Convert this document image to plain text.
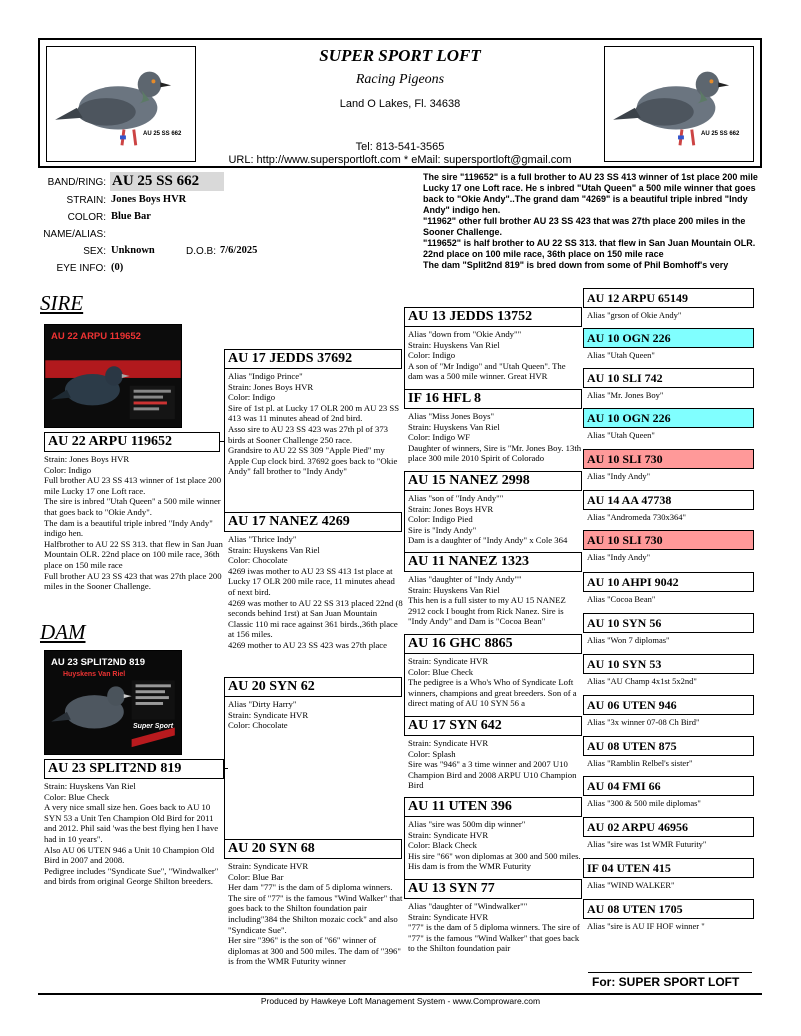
AU 25 SS 662	AU 25 SS 662
SUPER SPORT LOFT
Racing Pigeons
Land O Lakes, Fl. 34638
Tel: 813-541-3565
URL: http://www.supersportloft.com * eMail: supersportloft@gmail.com
BAND/RING: AU 25 SS 662
STRAIN: Jones Boys HVR
COLOR: Blue Bar
NAME/ALIAS:
SEX: Unknown	D.O.B: 7/6/2025
EYE INFO: (0)
The sire "119652" is a full brother to AU 23 SS 413 winner of 1st place 200 mile Lucky 17 one Loft race. He s inbred "Utah Queen" a 500 mile winner that goes back to "Okie Andy"..The grand dam "4269" is a beautiful triple inbred "Indy Andy" indigo hen.
"11962" other full brother AU 23 SS 423 that was 27th place 200 miles in the Sooner Challenge.
"119652" is half brother to AU 22 SS 313. that flew in San Juan Mountain OLR. 22nd place on 100 mile race, 36th place on 150 mile race
The dam "Split2nd 819" is bred down from some of Phil Bomhoff's very
SIRE
AU 22 ARPU 119652
AU 22 ARPU 119652
Strain: Jones Boys HVR
Color: Indigo
Full brother AU 23 SS 413 winner of 1st place 200 mile Lucky 17 one Loft race.
The sire is inbred "Utah Queen" a 500 mile winner that goes back to "Okie Andy".
The dam is a beautiful triple inbred "Indy Andy" indigo hen.
Halfbrother to AU 22 SS 313. that flew in San Juan Mountain OLR. 22nd place on 100 mile race, 36th place on 150 mile race
Full brother AU 23 SS 423 that was 27th place 200 miles in the Sooner Challenge.
DAM
AU 23 SPLIT2ND 819
Huyskens Van Riel
Super Sport
AU 23 SPLIT2ND 819
Strain: Huyskens Van Riel
Color: Blue Check
A very nice small size hen. Goes back to AU 10 SYN 53 a Unit Ten Champion Old Bird for 2011 and 2012. Phil said 'was the best flying hen I have had in 10 years".
Also AU 06 UTEN 946 a Unit 10 Champion Old Bird in 2007 and 2008.
Pedigree includes "Syndicate Sue", "Windwalker" and birds from original George Shilton breeders.
AU 17 JEDDS 37692
Alias "Indigo Prince"
Strain: Jones Boys HVR
Color: Indigo
Sire of 1st pl. at Lucky 17 OLR 200 m AU 23 SS 413 was 11 minutes ahead of 2nd bird.
Asso sire to AU 23 SS 423 was 27th pl of 373 birds at Sooner Challenge 250 race.
Grandsire to AU 22 SS 309 "Apple Pied" my Apple Cup clock bird. 37692 goes back to "Okie Andy" fall brother to "Indy Andy"
AU 17 NANEZ 4269
Alias "Thrice Indy"
Strain: Huyskens Van Riel
Color: Chocolate
4269 iwas mother to AU 23 SS 413 1st place at Lucky 17 OLR 200 mile race, 11 minutes ahead of next bird.
4269 was mother to AU 22 SS 313 placed 22nd (8 seconds behind 1rst) at San Juan Mountain Classic 110 mi race against 361 birds.,36th place at 156 miles.
4269 mother to AU 23 SS 423 was 27th place
AU 20 SYN 62
Alias "Dirty Harry"
Strain: Syndicate HVR
Color: Chocolate
AU 20 SYN 68
Strain: Syndicate HVR
Color: Blue Bar
Her dam "77" is the dam of 5 diploma winners. The sire of "77" is the famous "Wind Walker" that goes back to the Shilton foundation pair including"384 the Shilton mozaic cock" and also "Syndicate Sue".
Her sire "396" is the son of "66" winner of diplomas at 300 and 500 miles. The dam of "396" is from the WMR Futurity winner
AU 13 JEDDS 13752
Alias "down from "Okie Andy""
Strain: Huyskens Van Riel
Color: Indigo
A son of "Mr Indigo" and "Utah Queen". The dam was a 500 mile winner. Great HVR
IF 16 HFL 8
Alias "Miss Jones Boys"
Strain: Huyskens Van Riel
Color: Indigo WF
Daughter of winners, Sire is "Mr. Jones Boy. 13th place 300 mile 2010 Spirit of Colorado
AU 15 NANEZ 2998
Alias "son of "Indy Andy""
Strain: Jones Boys HVR
Color: Indigo Pied
Sire is "Indy Andy"
Dam is a daughter of "Indy Andy" x Cole 364
AU 11 NANEZ 1323
Alias "daughter of "Indy Andy""
Strain: Huyskens Van Riel
This hen is a full sister to my AU 15 NANEZ 2912 cock I bought from Rick Nanez. Sire is "Indy Andy" and Dam is "Cocoa Bean"
AU 16 GHC 8865
Strain: Syndicate HVR
Color: Blue Check
The pedigree is a Who's Who of Syndicate Loft winners, champions and great breeders. Son of a direct mating of AU 10 SYN 56 a
AU 17 SYN 642
Strain: Syndicate HVR
Color: Splash
Sire was "946" a 3 time winner and 2007 U10 Champion Bird and 2008 ARPU U10 Champion Bird
AU 11 UTEN 396
Alias "sire was 500m dip winner"
Strain: Syndicate HVR
Color: Black Check
His sire "66" won diplomas at 300 and 500 miles. His dam is from the WMR Futurity
AU 13 SYN 77
Alias "daughter of "Windwalker""
Strain: Syndicate HVR
"77" is the dam of 5 diploma winners. The sire of "77" is the famous "Wind Walker" that goes back to the Shilton foundation pair
AU 12 ARPU 65149
Alias "grson of Okie Andy"
AU 10 OGN 226
Alias "Utah Queen"
AU 10 SLI 742
Alias "Mr. Jones Boy"
AU 10 OGN 226
Alias "Utah Queen"
AU 10 SLI 730
Alias "Indy Andy"
AU 14 AA 47738
Alias "Andromeda 730x364"
AU 10 SLI 730
Alias "Indy Andy"
AU 10 AHPI 9042
Alias "Cocoa Bean"
AU 10 SYN 56
Alias "Won 7 diplomas"
AU 10 SYN 53
Alias "AU Champ 4x1st 5x2nd"
AU 06 UTEN 946
Alias "3x winner 07-08 Ch Bird"
AU 08 UTEN 875
Alias "Ramblin Relbel's sister"
AU 04 FMI 66
Alias "300 & 500 mile diplomas"
AU 02 ARPU 46956
Alias "sire was 1st WMR Futurity"
IF 04 UTEN 415
Alias "WIND WALKER"
AU 08 UTEN 1705
Alias "sire is AU IF HOF winner "
For: SUPER SPORT LOFT
Produced by Hawkeye Loft Management System - www.Comproware.com
